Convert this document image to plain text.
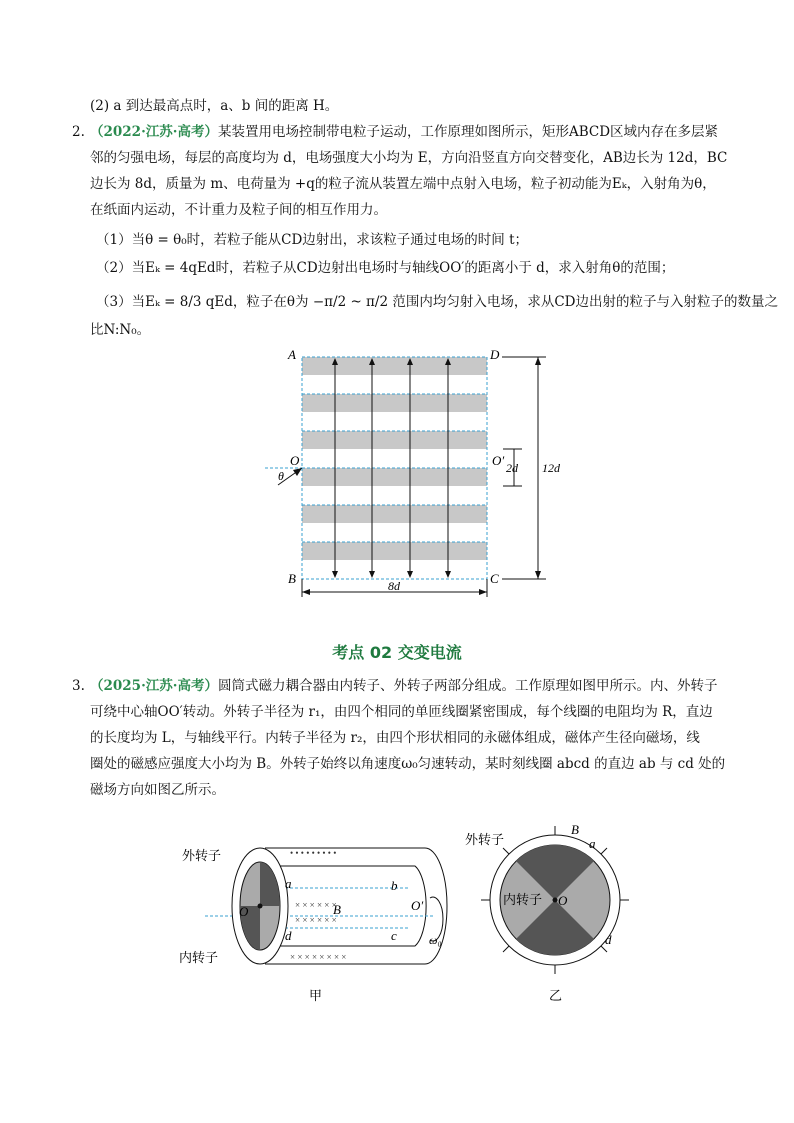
(2) a 到达最高点时，a、b 间的距离 H。
2. （2022·江苏·高考）某装置用电场控制带电粒子运动，工作原理如图所示，矩形ABCD区域内存在多层紧
邻的匀强电场，每层的高度均为 d，电场强度大小均为 E，方向沿竖直方向交替变化，AB边长为 12d，BC
边长为 8d，质量为 m、电荷量为 +q的粒子流从装置左端中点射入电场，粒子初动能为Eₖ，入射角为θ，
在纸面内运动，不计重力及粒子间的相互作用力。
（1）当θ = θ₀时，若粒子能从CD边射出，求该粒子通过电场的时间 t；
（2）当Eₖ = 4qEd时，若粒子从CD边射出电场时与轴线OO′的距离小于 d，求入射角θ的范围；
（3）当Eₖ = 8/3 qEd，粒子在θ为 −π/2 ~ π/2 范围内均匀射入电场，求从CD边出射的粒子与入射粒子的数量之
比N:N₀。
A	D
B	C
O	O′
θ
2d 12d
8d
考点 02 交变电流
3. （2025·江苏·高考）圆筒式磁力耦合器由内转子、外转子两部分组成。工作原理如图甲所示。内、外转子
可绕中心轴OO′转动。外转子半径为 r₁，由四个相同的单匝线圈紧密围成，每个线圈的电阻均为 R，直边
的长度均为 L，与轴线平行。内转子半径为 r₂，由四个形状相同的永磁体组成，磁体产生径向磁场，线
圈处的磁感应强度大小均为 B。外转子始终以角速度ω₀匀速转动，某时刻线圈 abcd 的直边 ab 与 cd 处的
磁场方向如图乙所示。
• • • • • • • • •
× × × × × × × ×
× × × × × ×
× × × × × ×
外转子
内转子
O	O′
B
a	b
d	c	ω₀
甲
外转子
内转子 O
B
a
d
乙
